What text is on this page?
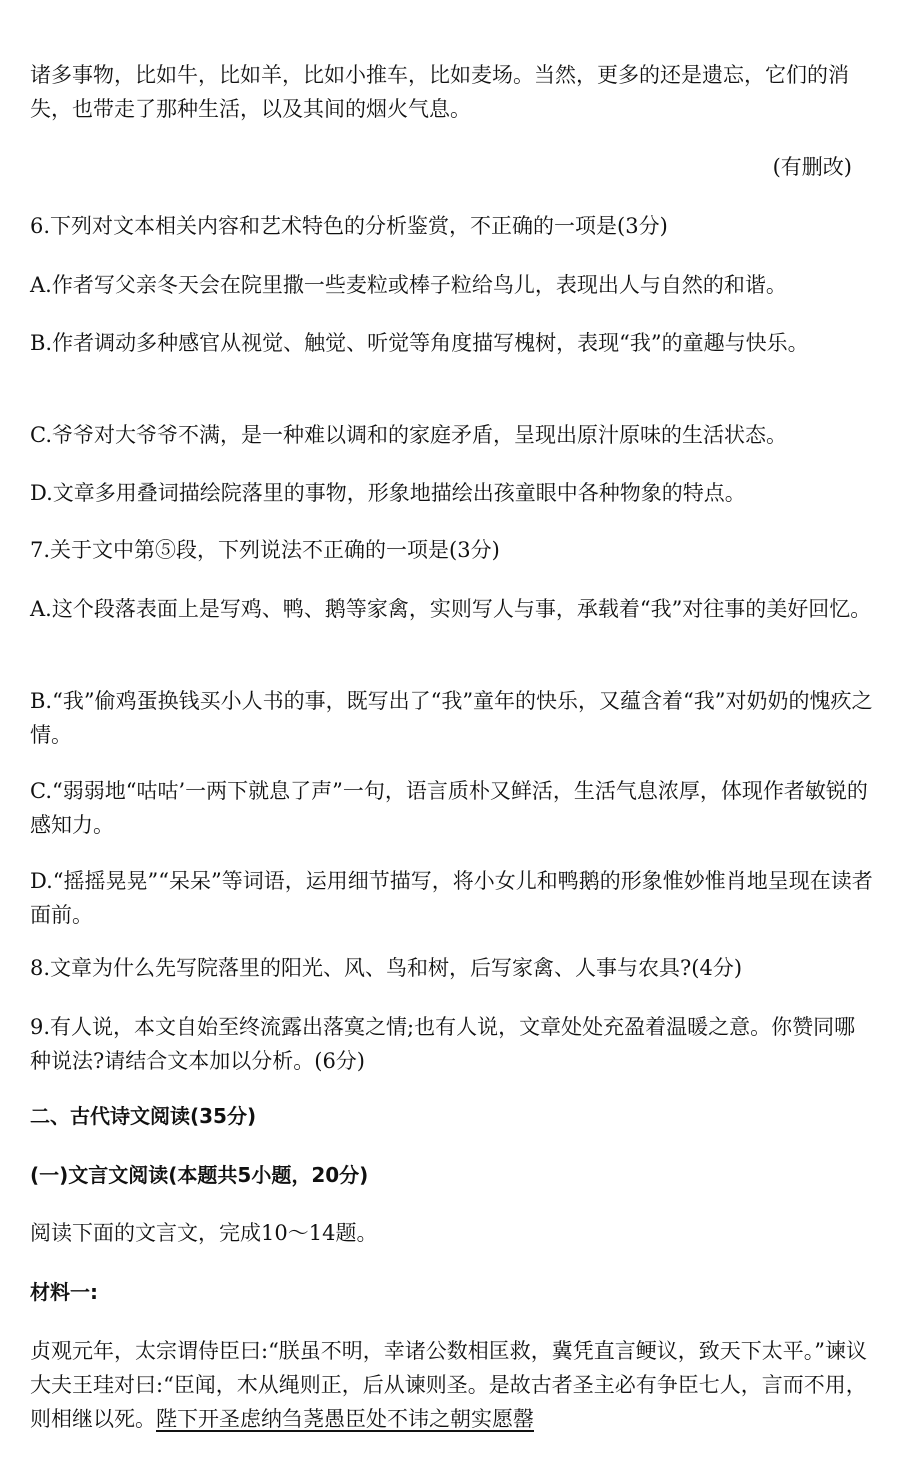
诸多事物，比如牛，比如羊，比如小推车，比如麦场。当然，更多的还是遗忘，它们的消失，也带走了那种生活，以及其间的烟火气息。

(有删改)

6.下列对文本相关内容和艺术特色的分析鉴赏，不正确的一项是(3分)

A.作者写父亲冬天会在院里撒一些麦粒或棒子粒给鸟儿，表现出人与自然的和谐。

B.作者调动多种感官从视觉、触觉、听觉等角度描写槐树，表现“我”的童趣与快乐。

C.爷爷对大爷爷不满，是一种难以调和的家庭矛盾，呈现出原汁原味的生活状态。

D.文章多用叠词描绘院落里的事物，形象地描绘出孩童眼中各种物象的特点。

7.关于文中第⑤段，下列说法不正确的一项是(3分)

A.这个段落表面上是写鸡、鸭、鹅等家禽，实则写人与事，承载着“我”对往事的美好回忆。

B.“我”偷鸡蛋换钱买小人书的事，既写出了“我”童年的快乐，又蕴含着“我”对奶奶的愧疚之情。

C.“弱弱地“咕咕’一两下就息了声”一句，语言质朴又鲜活，生活气息浓厚，体现作者敏锐的感知力。

D.“摇摇晃晃”“呆呆”等词语，运用细节描写，将小女儿和鸭鹅的形象惟妙惟肖地呈现在读者面前。

8.文章为什么先写院落里的阳光、风、鸟和树，后写家禽、人事与农具?(4分)

9.有人说，本文自始至终流露出落寞之情;也有人说，文章处处充盈着温暖之意。你赞同哪种说法?请结合文本加以分析。(6分)

二、古代诗文阅读(35分)

(一)文言文阅读(本题共5小题，20分)

阅读下面的文言文，完成10～14题。

材料一:

贞观元年，太宗谓侍臣曰:“朕虽不明，幸诸公数相匡救，冀凭直言鲠议，致天下太平。”谏议大夫王珪对曰:“臣闻，木从绳则正，后从谏则圣。是故古者圣主必有争臣七人，言而不用，则相继以死。陛下开圣虑纳刍荛愚臣处不讳之朝实愿罄
